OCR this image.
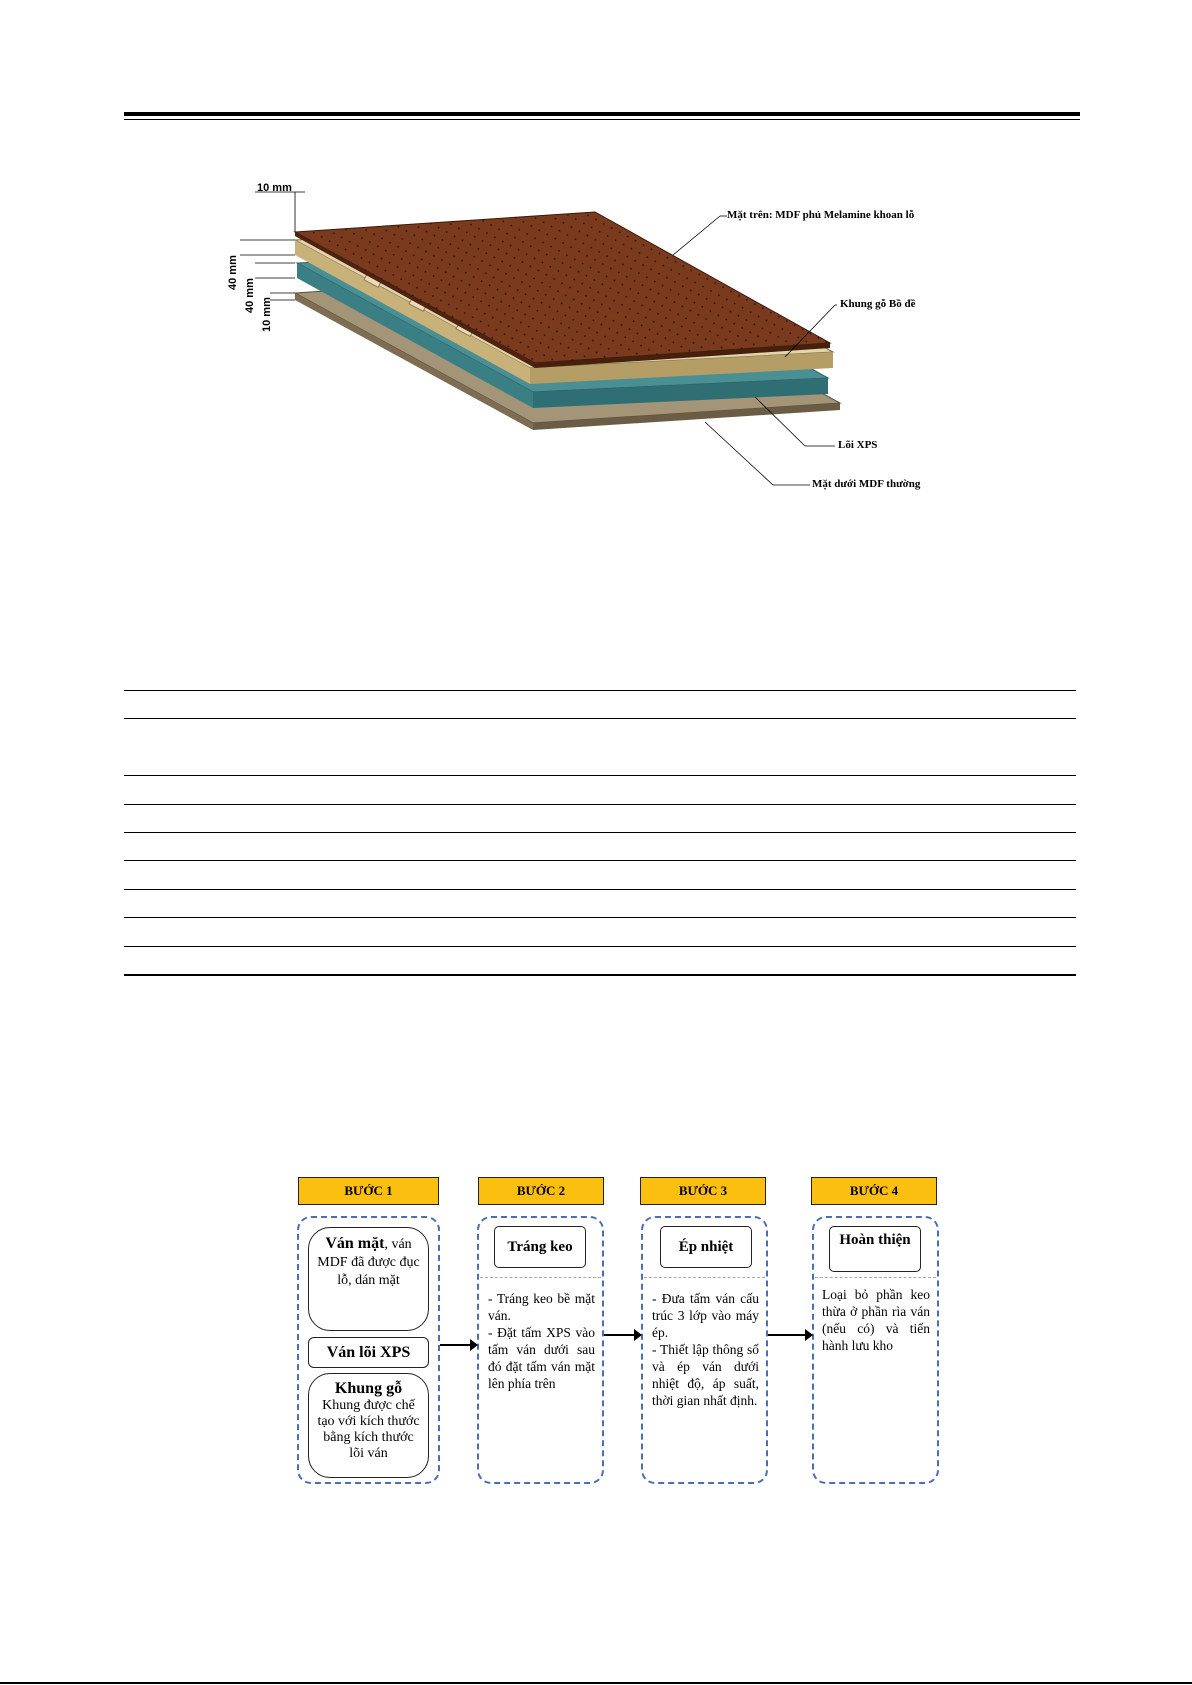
10 mm
40 mm
40 mm
10 mm
Mặt trên: MDF phủ Melamine khoan lỗ
Khung gỗ Bồ đề
Lõi XPS
Mặt dưới MDF thường
BƯỚC 1
Ván mặt, ván MDF đã được đục lỗ, dán mặt
Ván lõi XPS
Khung gỗ
Khung được chế tạo với kích thước bằng kích thước lõi ván
BƯỚC 2
Tráng keo

- Tráng keo bề mặt ván.

- Đặt tấm XPS vào tấm ván dưới sau đó đặt tấm ván mặt lên phía trên

BƯỚC 3
Ép nhiệt

- Đưa tấm ván cấu trúc 3 lớp vào máy ép.

- Thiết lập thông số và ép ván dưới nhiệt độ, áp suất, thời gian nhất định.

BƯỚC 4
Hoàn thiện

Loại bỏ phần keo thừa ở phần rìa ván (nếu có) và tiến hành lưu kho
